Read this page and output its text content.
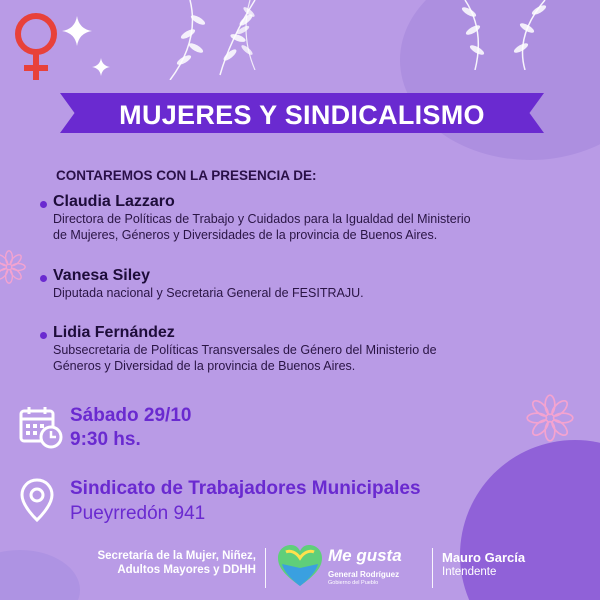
MUJERES Y SINDICALISMO
CONTAREMOS CON LA PRESENCIA DE:
Claudia Lazzaro
Directora de Políticas de Trabajo y Cuidados para la Igualdad del Ministerio
de Mujeres, Géneros y Diversidades de la provincia de Buenos Aires.
Vanesa Siley
Diputada nacional y Secretaria General de FESITRAJU.
Lidia Fernández
Subsecretaria de Políticas Transversales de Género del Ministerio de
Géneros y Diversidad de la provincia de Buenos Aires.
Sábado 29/10
9:30 hs.
Sindicato de Trabajadores Municipales
Pueyrredón 941
Secretaría de la Mujer, Niñez,
Adultos Mayores y DDHH
Me gusta
General Rodríguez
Gobierno del Pueblo
Mauro García
Intendente
